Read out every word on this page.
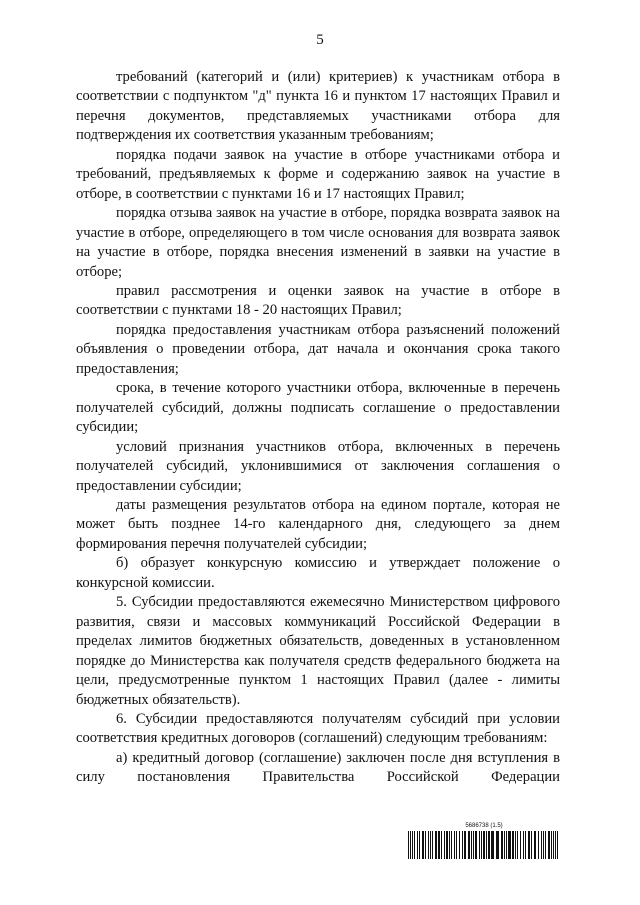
5

требований (категорий и (или) критериев) к участникам отбора в соответствии с подпунктом "д" пункта 16 и пунктом 17 настоящих Правил и перечня документов, представляемых участниками отбора для подтверждения их соответствия указанным требованиям;

порядка подачи заявок на участие в отборе участниками отбора и требований, предъявляемых к форме и содержанию заявок на участие в отборе, в соответствии с пунктами 16 и 17 настоящих Правил;

порядка отзыва заявок на участие в отборе, порядка возврата заявок на участие в отборе, определяющего в том числе основания для возврата заявок на участие в отборе, порядка внесения изменений в заявки на участие в отборе;

правил рассмотрения и оценки заявок на участие в отборе в соответствии с пунктами 18 - 20 настоящих Правил;

порядка предоставления участникам отбора разъяснений положений объявления о проведении отбора, дат начала и окончания срока такого предоставления;

срока, в течение которого участники отбора, включенные в перечень получателей субсидий, должны подписать соглашение о предоставлении субсидии;

условий признания участников отбора, включенных в перечень получателей субсидий, уклонившимися от заключения соглашения о предоставлении субсидии;

даты размещения результатов отбора на едином портале, которая не может быть позднее 14-го календарного дня, следующего за днем формирования перечня получателей субсидии;

б) образует конкурсную комиссию и утверждает положение о конкурсной комиссии.

5. Субсидии предоставляются ежемесячно Министерством цифрового развития, связи и массовых коммуникаций Российской Федерации в пределах лимитов бюджетных обязательств, доведенных в установленном порядке до Министерства как получателя средств федерального бюджета на цели, предусмотренные пунктом 1 настоящих Правил (далее - лимиты бюджетных обязательств).

6. Субсидии предоставляются получателям субсидий при условии соответствия кредитных договоров (соглашений) следующим требованиям:

а) кредитный договор (соглашение) заключен после дня вступления в силу постановления Правительства Российской Федерации

5686738 (1.5)
